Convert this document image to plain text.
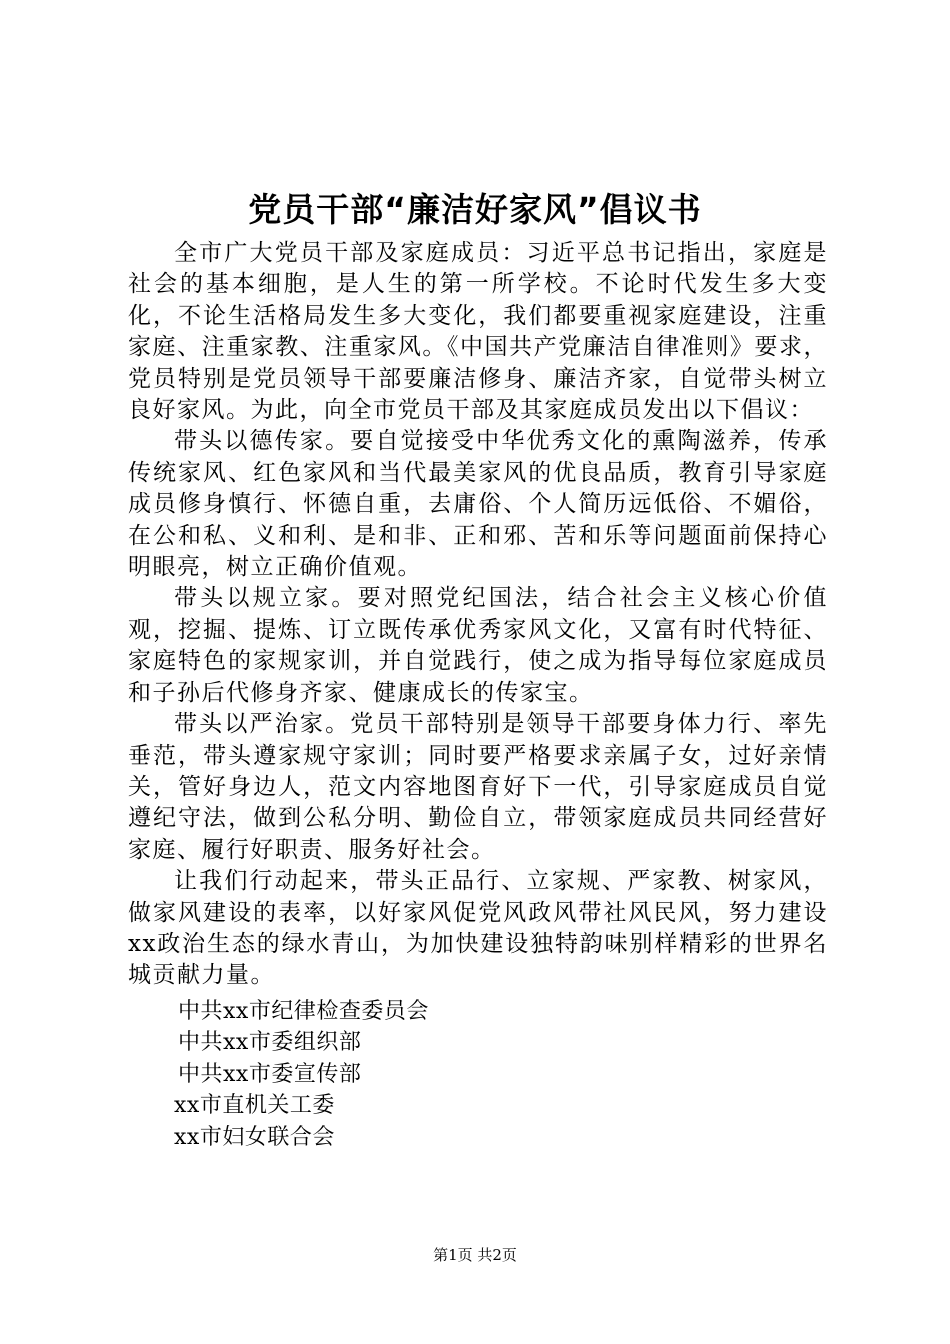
党员干部“廉洁好家风”倡议书

全市广大党员干部及家庭成员：习近平总书记指出，家庭是社会的基本细胞，是人生的第一所学校。不论时代发生多大变化，不论生活格局发生多大变化，我们都要重视家庭建设，注重家庭、注重家教、注重家风。《中国共产党廉洁自律准则》要求，党员特别是党员领导干部要廉洁修身、廉洁齐家，自觉带头树立良好家风。为此，向全市党员干部及其家庭成员发出以下倡议：

带头以德传家。要自觉接受中华优秀文化的熏陶滋养，传承传统家风、红色家风和当代最美家风的优良品质，教育引导家庭成员修身慎行、怀德自重，去庸俗、个人简历远低俗、不媚俗，在公和私、义和利、是和非、正和邪、苦和乐等问题面前保持心明眼亮，树立正确价值观。

带头以规立家。要对照党纪国法，结合社会主义核心价值观，挖掘、提炼、订立既传承优秀家风文化，又富有时代特征、家庭特色的家规家训，并自觉践行，使之成为指导每位家庭成员和子孙后代修身齐家、健康成长的传家宝。

带头以严治家。党员干部特别是领导干部要身体力行、率先垂范，带头遵家规守家训；同时要严格要求亲属子女，过好亲情关，管好身边人，范文内容地图育好下一代，引导家庭成员自觉遵纪守法，做到公私分明、勤俭自立，带领家庭成员共同经营好家庭、履行好职责、服务好社会。

让我们行动起来，带头正品行、立家规、严家教、树家风，做家风建设的表率，以好家风促党风政风带社风民风，努力建设xx政治生态的绿水青山，为加快建设独特韵味别样精彩的世界名城贡献力量。

中共xx市纪律检查委员会
中共xx市委组织部
中共xx市委宣传部
xx市直机关工委
xx市妇女联合会
第1页 共2页
